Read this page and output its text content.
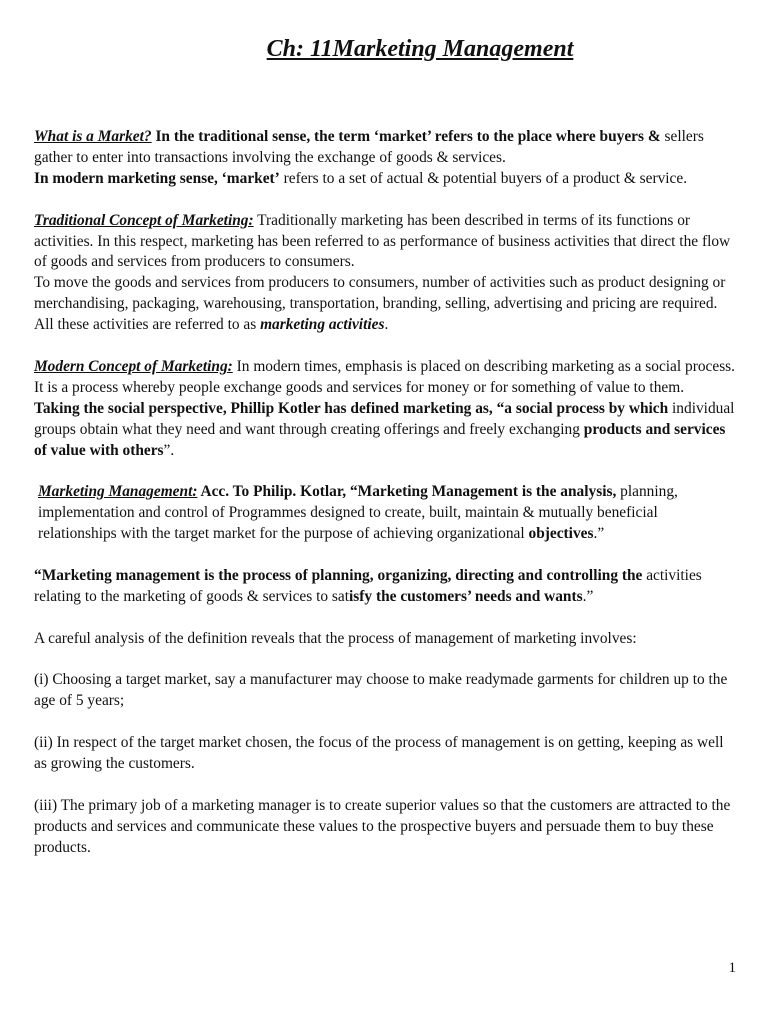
Ch: 11Marketing Management

What is a Market? In the traditional sense, the term ‘market’ refers to the place where buyers & sellers gather to enter into transactions involving the exchange of goods & services.

In modern marketing sense, ‘market’ refers to a set of actual & potential buyers of a product & service.

Traditional Concept of Marketing: Traditionally marketing has been described in terms of its functions or activities. In this respect, marketing has been referred to as performance of business activities that direct the flow of goods and services from producers to consumers.

To move the goods and services from producers to consumers, number of activities such as product designing or merchandising, packaging, warehousing, transportation, branding, selling, advertising and pricing are required. All these activities are referred to as marketing activities.

Modern Concept of Marketing: In modern times, emphasis is placed on describing marketing as a social process. It is a process whereby people exchange goods and services for money or for something of value to them.

Taking the social perspective, Phillip Kotler has defined marketing as, “a social process by which individual groups obtain what they need and want through creating offerings and freely exchanging products and services of value with others”.

Marketing Management: Acc. To Philip. Kotlar, “Marketing Management is the analysis, planning, implementation and control of Programmes designed to create, built, maintain & mutually beneficial relationships with the target market for the purpose of achieving organizational objectives.”

“Marketing management is the process of planning, organizing, directing and controlling the activities relating to the marketing of goods & services to satisfy the customers’ needs and wants.”

A careful analysis of the definition reveals that the process of management of marketing involves:

(i) Choosing a target market, say a manufacturer may choose to make readymade garments for children up to the age of 5 years;

(ii) In respect of the target market chosen, the focus of the process of management is on getting, keeping as well as growing the customers.

(iii) The primary job of a marketing manager is to create superior values so that the customers are attracted to the products and services and communicate these values to the prospective buyers and persuade them to buy these products.

1
